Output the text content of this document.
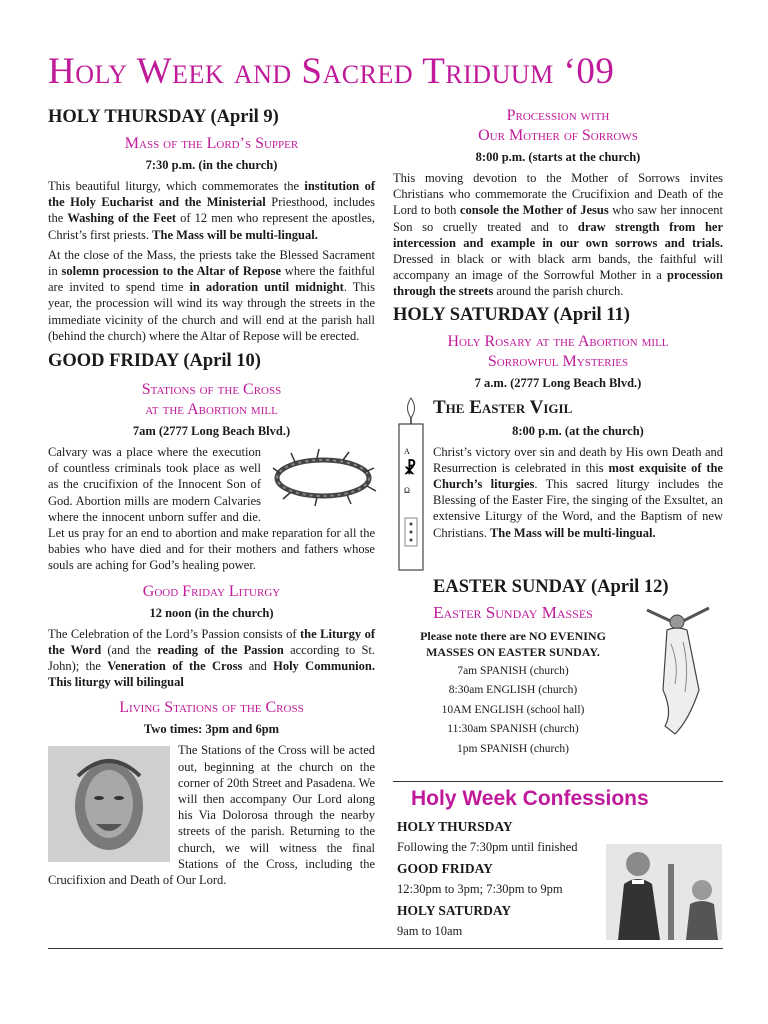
Holy Week and Sacred Triduum ‘09
HOLY THURSDAY (April 9)
Mass of the Lord’s Supper
7:30 p.m. (in the church)

This beautiful liturgy, which commemorates the institution of the Holy Eucharist and the Ministerial Priesthood, includes the Washing of the Feet of 12 men who represent the apostles, Christ’s first priests. The Mass will be multi-lingual.

At the close of the Mass, the priests take the Blessed Sacrament in solemn procession to the Altar of Repose where the faithful are invited to spend time in adoration until midnight. This year, the procession will wind its way through the streets in the immediate vicinity of the church and will end at the parish hall (behind the church) where the Altar of Repose will be erected.

GOOD FRIDAY (April 10)
Stations of the Cross
at the Abortion mill
7am (2777 Long Beach Blvd.)

Calvary was a place where the execution of countless criminals took place as well as the crucifixion of the Innocent Son of God. Abortion mills are modern Calvaries where the innocent unborn suffer and die. Let us pray for an end to abortion and make reparation for all the babies who have died and for their mothers and fathers whose souls are aching for God’s healing power.

Good Friday Liturgy
12 noon (in the church)

The Celebration of the Lord’s Passion consists of the Liturgy of the Word (and the reading of the Passion according to St. John); the Veneration of the Cross and Holy Communion. This liturgy will bilingual

Living Stations of the Cross
Two times: 3pm and 6pm

The Stations of the Cross will be acted out, beginning at the church on the corner of 20th Street and Pasadena. We will then accompany Our Lord along his Via Dolorosa through the nearby streets of the parish. Returning to the church, we will witness the final Stations of the Cross, including the Crucifixion and Death of Our Lord.

Procession with
Our Mother of Sorrows
8:00 p.m. (starts at the church)

This moving devotion to the Mother of Sorrows invites Christians who commemorate the Crucifixion and Death of the Lord to both console the Mother of Jesus who saw her innocent Son so cruelly treated and to draw strength from her intercession and example in our own sorrows and trials. Dressed in black or with black arm bands, the faithful will accompany an image of the Sorrowful Mother in a procession through the streets around the parish church.

HOLY SATURDAY (April 11)
Holy Rosary at the Abortion mill
Sorrowful Mysteries
7 a.m. (2777 Long Beach Blvd.)
A
☧
Ω
The Easter Vigil
8:00 p.m. (at the church)

Christ’s victory over sin and death by His own Death and Resurrection is celebrated in this most exquisite of the Church’s liturgies. This sacred liturgy includes the Blessing of the Easter Fire, the singing of the Exsultet, an extensive Liturgy of the Word, and the Baptism of new Christians. The Mass will be multi-lingual.

EASTER SUNDAY (April 12)
Easter Sunday Masses
Please note there are NO EVENING
MASSES ON EASTER SUNDAY.
7am SPANISH (church)
8:30am ENGLISH (church)
10AM ENGLISH (school hall)
11:30am SPANISH (church)
1pm SPANISH (church)
Holy Week Confessions
HOLY THURSDAY
Following the 7:30pm until finished
GOOD FRIDAY
12:30pm to 3pm; 7:30pm to 9pm
HOLY SATURDAY
9am to 10am
